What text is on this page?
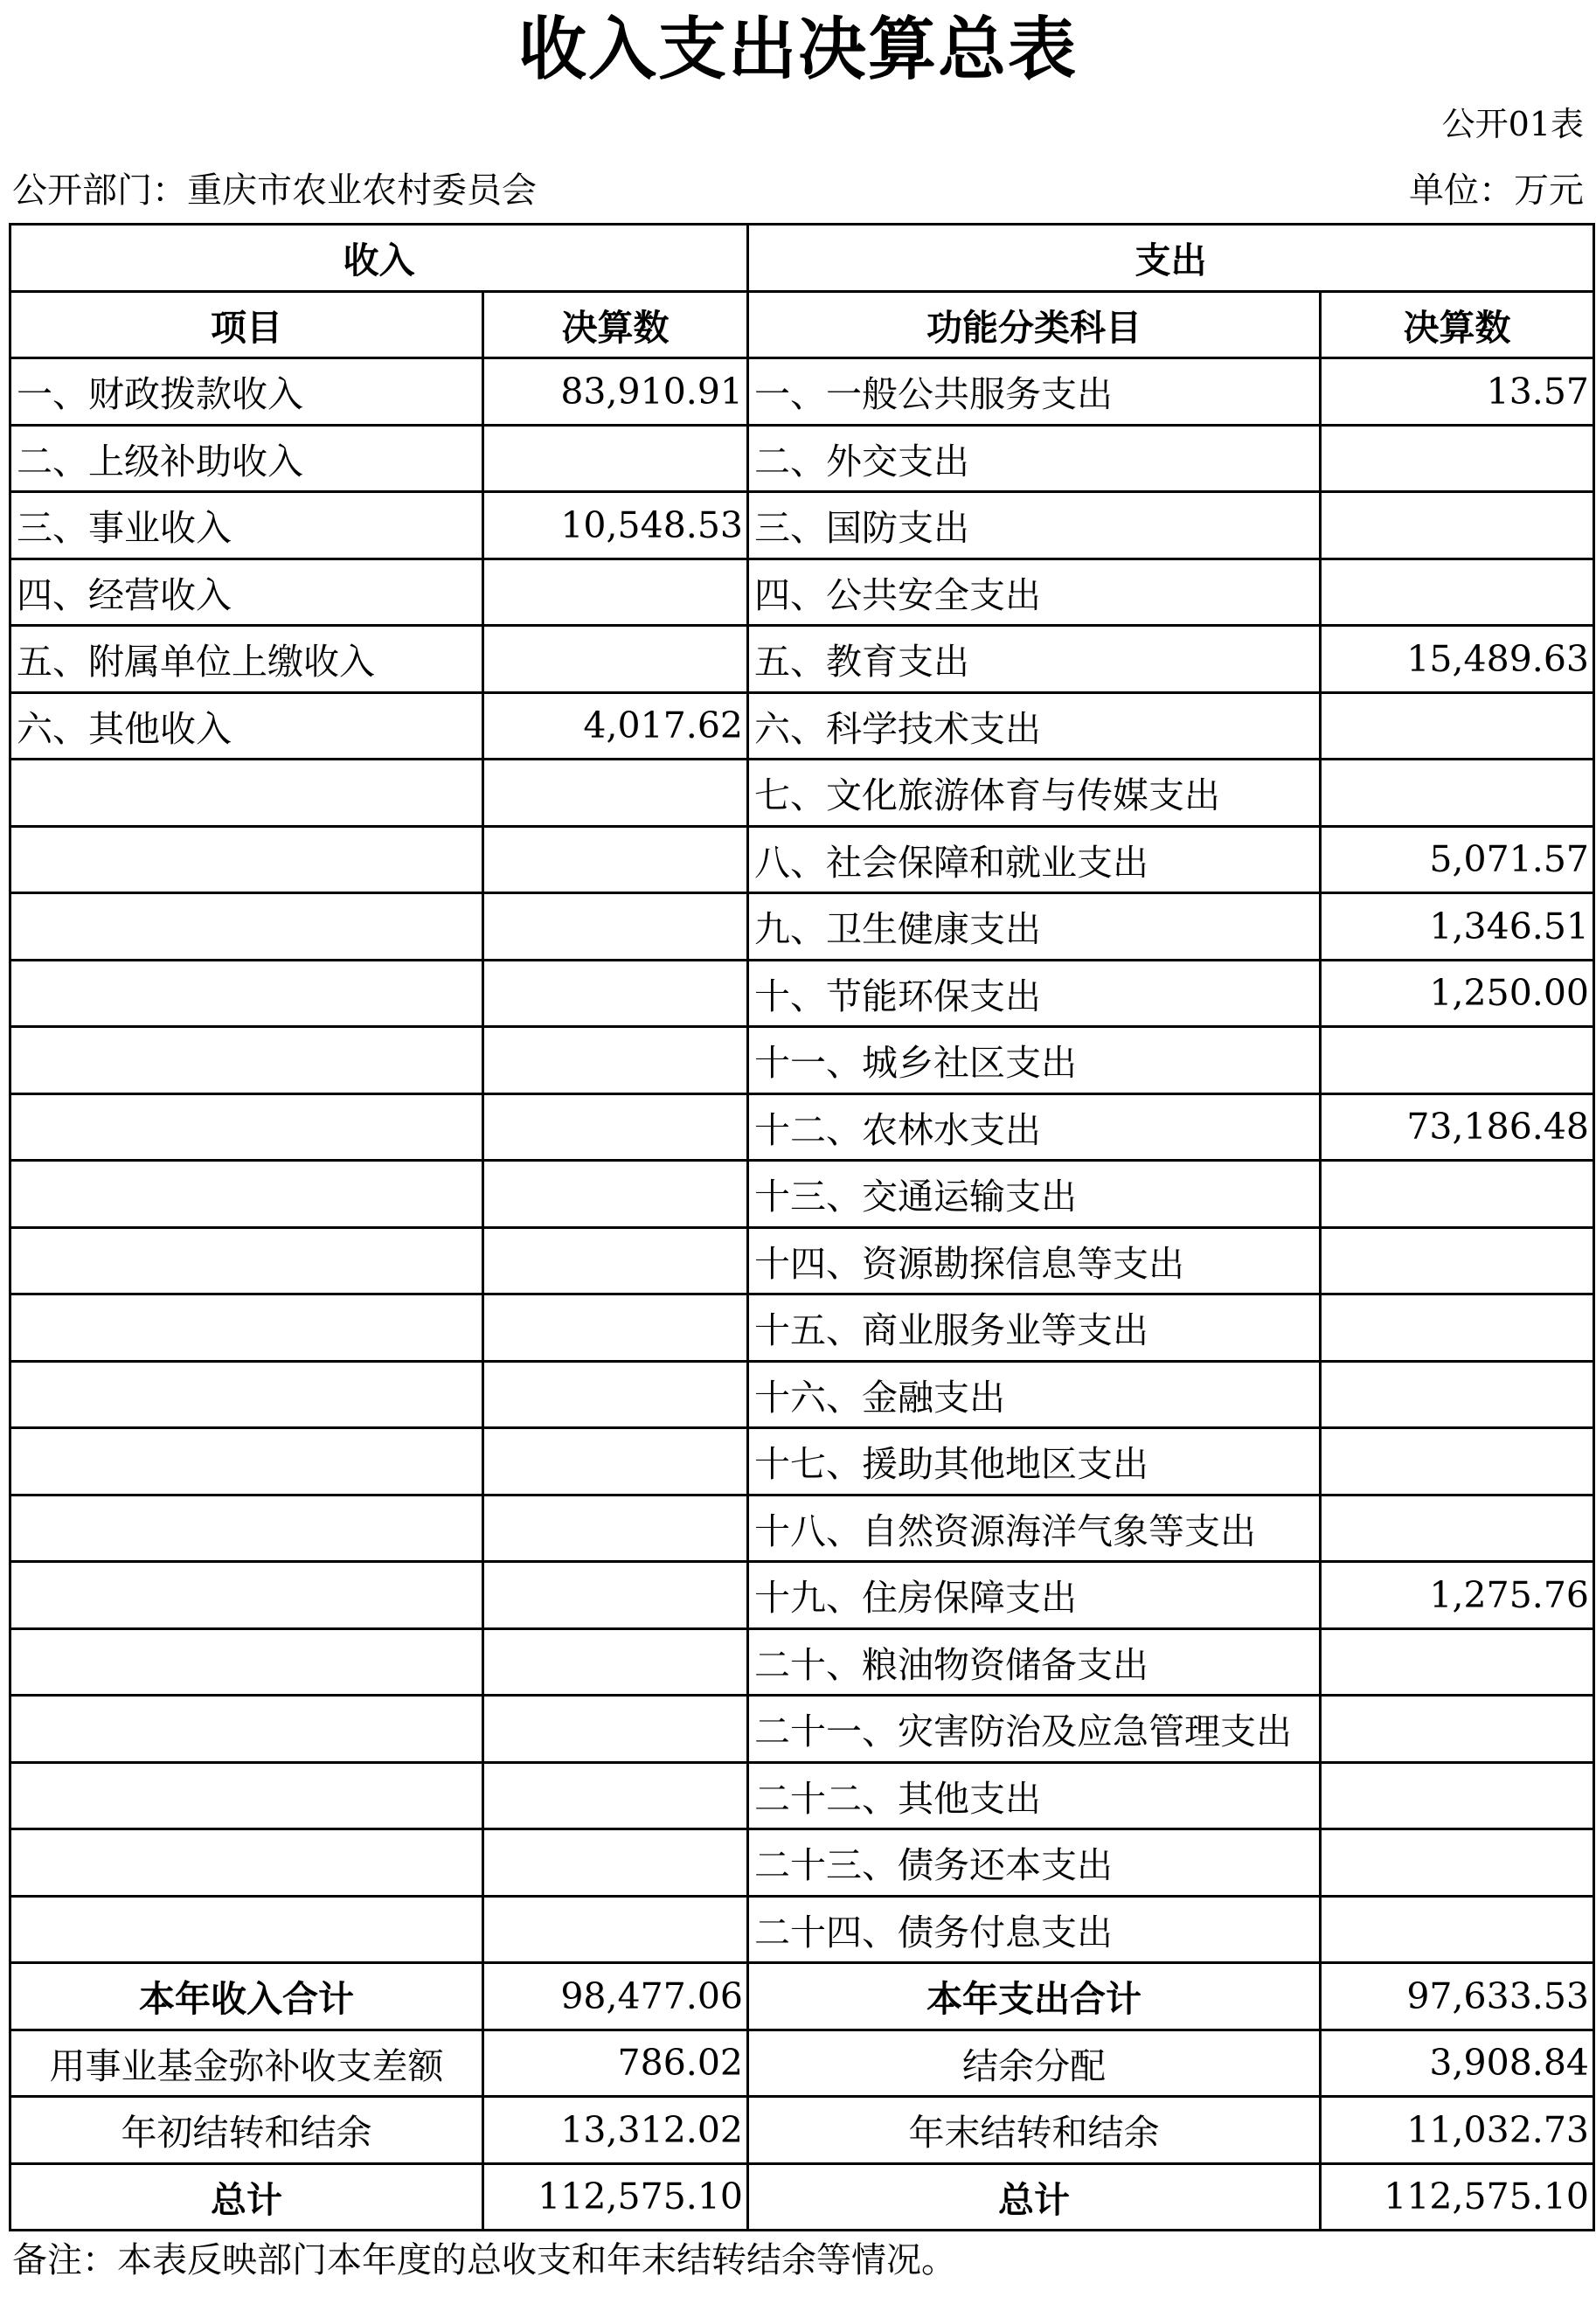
收入支出决算总表
公开01表
公开部门：重庆市农业农村委员会	单位：万元
收入		支出	
项目	决算数	功能分类科目	决算数
一、财政拨款收入	83,910.91	一、一般公共服务支出	13.57
二、上级补助收入		二、外交支出	
三、事业收入	10,548.53	三、国防支出	
四、经营收入		四、公共安全支出	
五、附属单位上缴收入		五、教育支出	15,489.63
六、其他收入	4,017.62	六、科学技术支出	
		七、文化旅游体育与传媒支出	
		八、社会保障和就业支出	5,071.57
		九、卫生健康支出	1,346.51
		十、节能环保支出	1,250.00
		十一、城乡社区支出	
		十二、农林水支出	73,186.48
		十三、交通运输支出	
		十四、资源勘探信息等支出	
		十五、商业服务业等支出	
		十六、金融支出	
		十七、援助其他地区支出	
		十八、自然资源海洋气象等支出	
		十九、住房保障支出	1,275.76
		二十、粮油物资储备支出	
		二十一、灾害防治及应急管理支出	
		二十二、其他支出	
		二十三、债务还本支出	
		二十四、债务付息支出	
本年收入合计	98,477.06	本年支出合计	97,633.53
用事业基金弥补收支差额	786.02	结余分配	3,908.84
年初结转和结余	13,312.02	年末结转和结余	11,032.73
总计	112,575.10	总计	112,575.10
备注：本表反映部门本年度的总收支和年末结转结余等情况。
